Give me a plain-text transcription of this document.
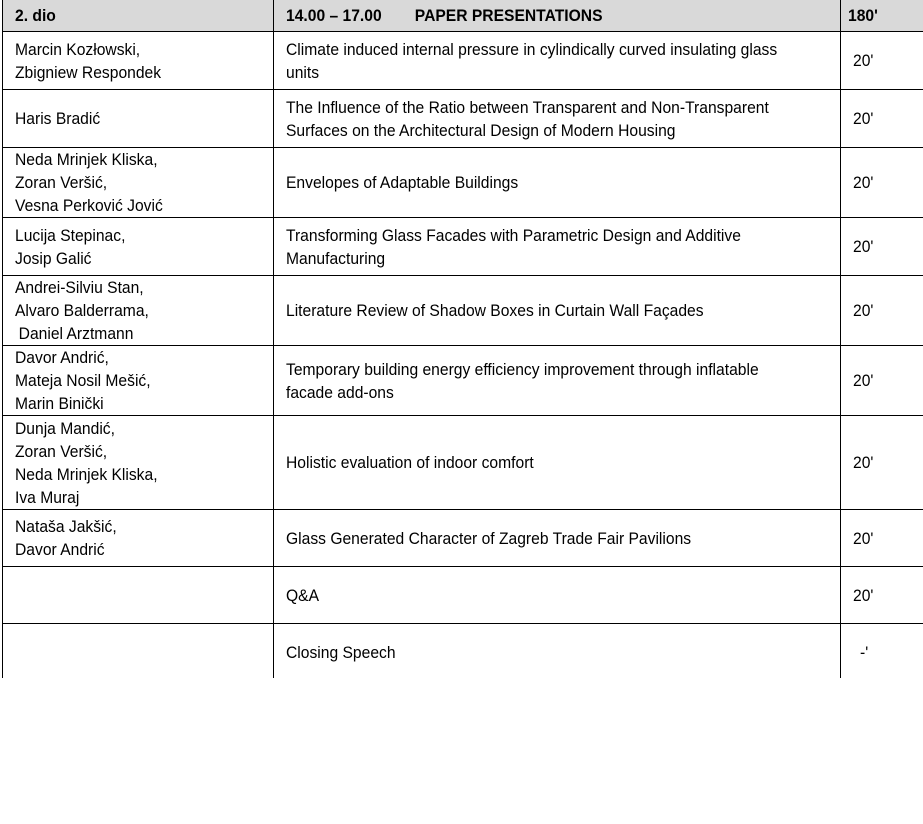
2. dio	14.00 – 17.00 PAPER PRESENTATIONS	180'

Marcin Kozłowski,
Zbigniew Respondek	Climate induced internal pressure in cylindically curved insulating glass
units	20'

Haris Bradić	The Influence of the Ratio between Transparent and Non-Transparent
Surfaces on the Architectural Design of Modern Housing	20'

Neda Mrinjek Kliska,
Zoran Veršić,
Vesna Perković Jović	Envelopes of Adaptable Buildings	20'

Lucija Stepinac,
Josip Galić	Transforming Glass Facades with Parametric Design and Additive
Manufacturing	20'

Andrei-Silviu Stan,
Alvaro Balderrama,
Daniel Arztmann	Literature Review of Shadow Boxes in Curtain Wall Façades	20'

Davor Andrić,
Mateja Nosil Mešić,
Marin Binički	Temporary building energy efficiency improvement through inflatable
facade add-ons	20'

Dunja Mandić,
Zoran Veršić,
Neda Mrinjek Kliska,
Iva Muraj	Holistic evaluation of indoor comfort	20'

Nataša Jakšić,
Davor Andrić	Glass Generated Character of Zagreb Trade Fair Pavilions	20'

	Q&A	20'

	Closing Speech	-'
